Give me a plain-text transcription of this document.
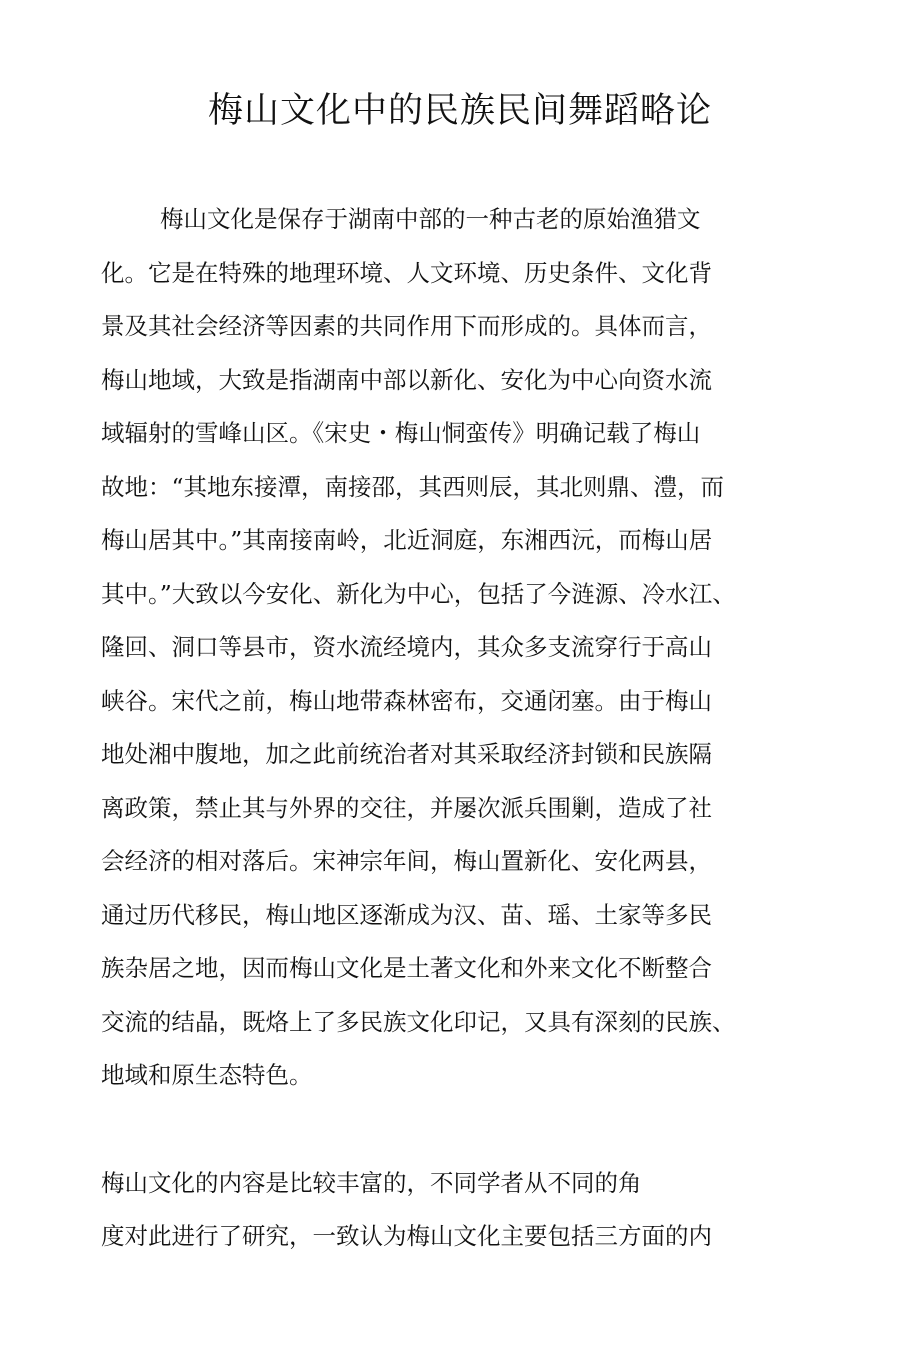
梅山文化中的民族民间舞蹈略论

梅山文化是保存于湖南中部的一种古老的原始渔猎文

化。它是在特殊的地理环境、人文环境、历史条件、文化背

景及其社会经济等因素的共同作用下而形成的。具体而言，

梅山地域，大致是指湖南中部以新化、安化为中心向资水流

域辐射的雪峰山区。《宋史・梅山恫蛮传》明确记载了梅山

故地：“其地东接潭，南接邵，其西则辰，其北则鼎、澧，而

梅山居其中。”其南接南岭，北近洞庭，东湘西沅，而梅山居

其中。”大致以今安化、新化为中心，包括了今涟源、冷水江、

隆回、洞口等县市，资水流经境内，其众多支流穿行于高山

峡谷。宋代之前，梅山地带森林密布，交通闭塞。由于梅山

地处湘中腹地，加之此前统治者对其采取经济封锁和民族隔

离政策，禁止其与外界的交往，并屡次派兵围剿，造成了社

会经济的相对落后。宋神宗年间，梅山置新化、安化两县，

通过历代移民，梅山地区逐渐成为汉、苗、瑶、土家等多民

族杂居之地，因而梅山文化是土著文化和外来文化不断整合

交流的结晶，既烙上了多民族文化印记，又具有深刻的民族、

地域和原生态特色。

梅山文化的内容是比较丰富的，不同学者从不同的角

度对此进行了研究，一致认为梅山文化主要包括三方面的内
